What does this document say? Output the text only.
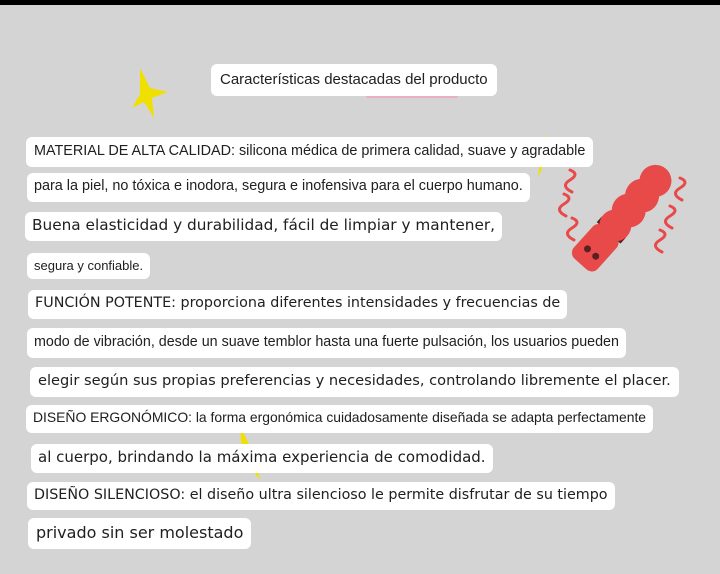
Características destacadas del producto
MATERIAL DE ALTA CALIDAD: silicona médica de primera calidad, suave y agradable
para la piel, no tóxica e inodora, segura e inofensiva para el cuerpo humano.
Buena elasticidad y durabilidad, fácil de limpiar y mantener,
segura y confiable.
FUNCIÓN POTENTE: proporciona diferentes intensidades y frecuencias de
modo de vibración, desde un suave temblor hasta una fuerte pulsación, los usuarios pueden
elegir según sus propias preferencias y necesidades, controlando libremente el placer.
DISEÑO ERGONÓMICO: la forma ergonómica cuidadosamente diseñada se adapta perfectamente
al cuerpo, brindando la máxima experiencia de comodidad.
DISEÑO SILENCIOSO: el diseño ultra silencioso le permite disfrutar de su tiempo
privado sin ser molestado
